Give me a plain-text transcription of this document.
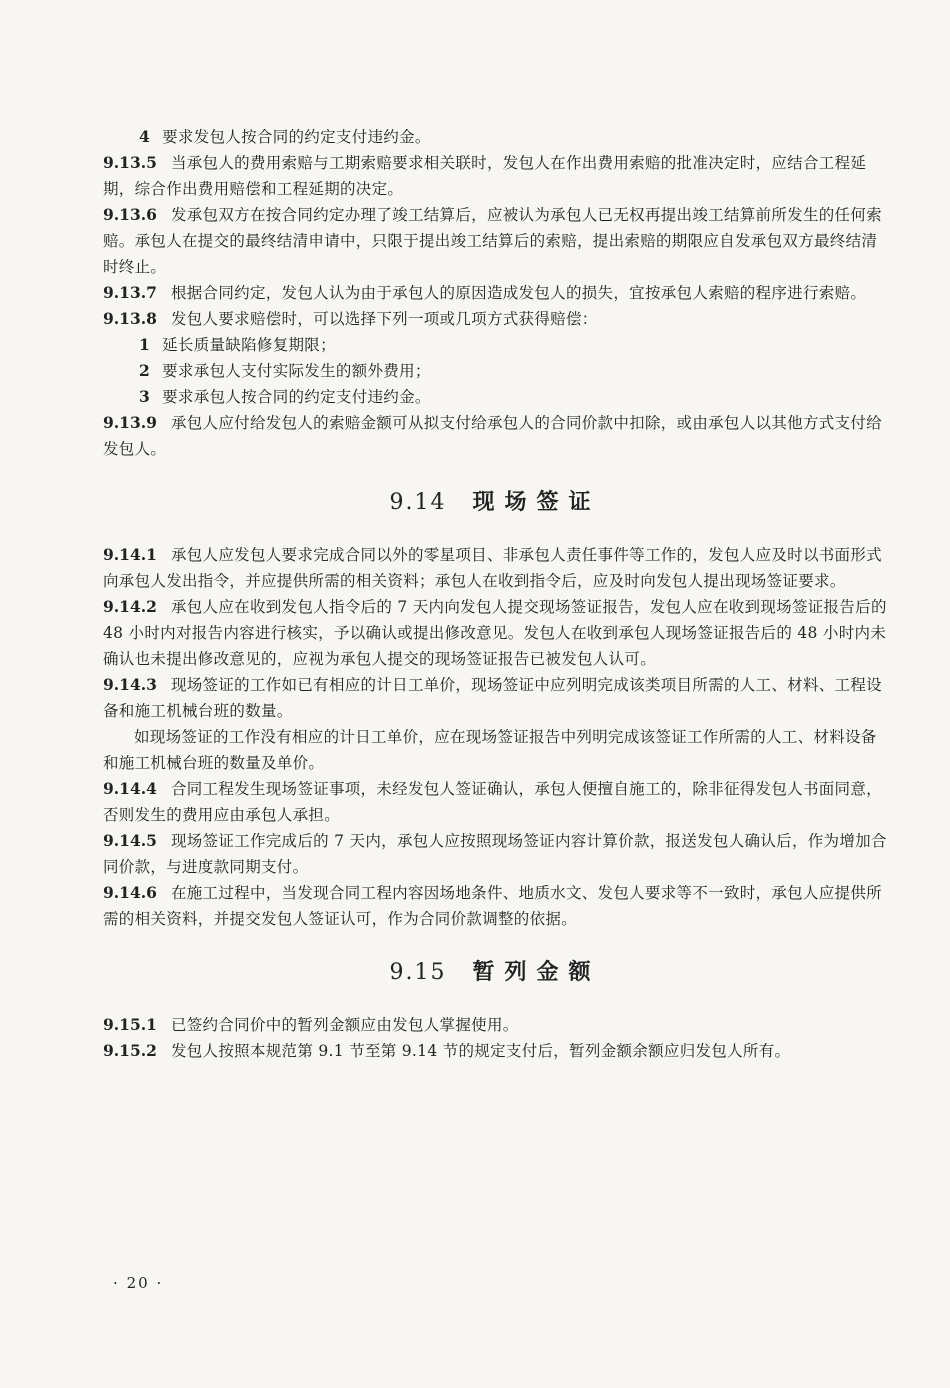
4 要求发包人按合同的约定支付违约金。

9.13.5 当承包人的费用索赔与工期索赔要求相关联时，发包人在作出费用索赔的批准决定时，应结合工程延期，综合作出费用赔偿和工程延期的决定。

9.13.6 发承包双方在按合同约定办理了竣工结算后，应被认为承包人已无权再提出竣工结算前所发生的任何索赔。承包人在提交的最终结清申请中，只限于提出竣工结算后的索赔，提出索赔的期限应自发承包双方最终结清时终止。

9.13.7 根据合同约定，发包人认为由于承包人的原因造成发包人的损失，宜按承包人索赔的程序进行索赔。

9.13.8 发包人要求赔偿时，可以选择下列一项或几项方式获得赔偿：

1 延长质量缺陷修复期限；

2 要求承包人支付实际发生的额外费用；

3 要求承包人按合同的约定支付违约金。

9.13.9 承包人应付给发包人的索赔金额可从拟支付给承包人的合同价款中扣除，或由承包人以其他方式支付给发包人。

9.14 现场签证

9.14.1 承包人应发包人要求完成合同以外的零星项目、非承包人责任事件等工作的，发包人应及时以书面形式向承包人发出指令，并应提供所需的相关资料；承包人在收到指令后，应及时向发包人提出现场签证要求。

9.14.2 承包人应在收到发包人指令后的 7 天内向发包人提交现场签证报告，发包人应在收到现场签证报告后的 48 小时内对报告内容进行核实，予以确认或提出修改意见。发包人在收到承包人现场签证报告后的 48 小时内未确认也未提出修改意见的，应视为承包人提交的现场签证报告已被发包人认可。

9.14.3 现场签证的工作如已有相应的计日工单价，现场签证中应列明完成该类项目所需的人工、材料、工程设备和施工机械台班的数量。

如现场签证的工作没有相应的计日工单价，应在现场签证报告中列明完成该签证工作所需的人工、材料设备和施工机械台班的数量及单价。

9.14.4 合同工程发生现场签证事项，未经发包人签证确认，承包人便擅自施工的，除非征得发包人书面同意，否则发生的费用应由承包人承担。

9.14.5 现场签证工作完成后的 7 天内，承包人应按照现场签证内容计算价款，报送发包人确认后，作为增加合同价款，与进度款同期支付。

9.14.6 在施工过程中，当发现合同工程内容因场地条件、地质水文、发包人要求等不一致时，承包人应提供所需的相关资料，并提交发包人签证认可，作为合同价款调整的依据。

9.15 暂列金额

9.15.1 已签约合同价中的暂列金额应由发包人掌握使用。

9.15.2 发包人按照本规范第 9.1 节至第 9.14 节的规定支付后，暂列金额余额应归发包人所有。

· 20 ·
